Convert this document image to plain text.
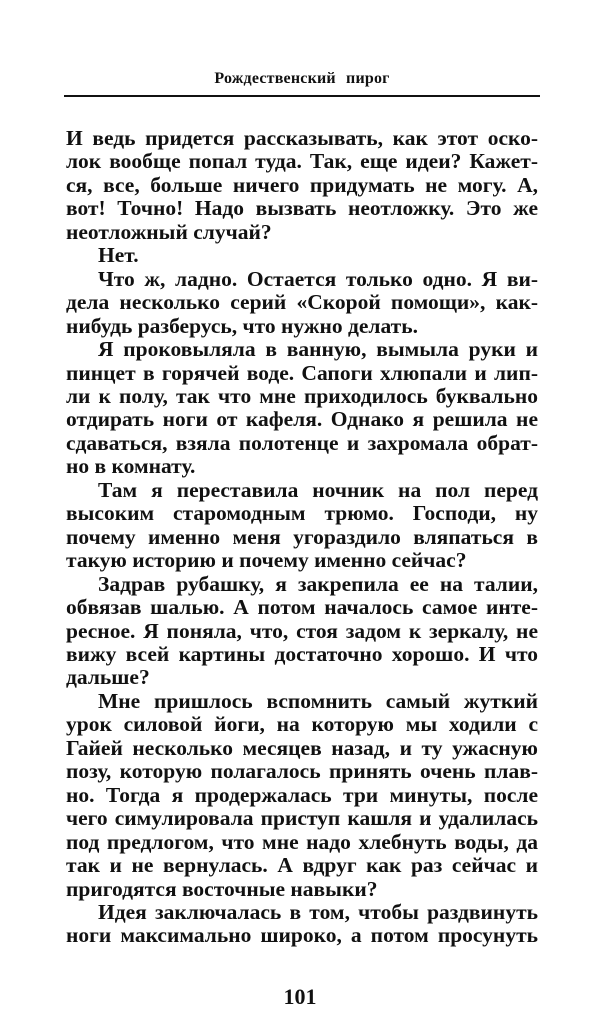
Рождественский пирог
И ведь придется рассказывать, как этот оско-
лок вообще попал туда. Так, еще идеи? Кажет-
ся, все, больше ничего придумать не могу. А,
вот! Точно! Надо вызвать неотложку. Это же
неотложный случай?
Нет.
Что ж, ладно. Остается только одно. Я ви-
дела несколько серий «Скорой помощи», как-
нибудь разберусь, что нужно делать.
Я проковыляла в ванную, вымыла руки и
пинцет в горячей воде. Сапоги хлюпали и лип-
ли к полу, так что мне приходилось буквально
отдирать ноги от кафеля. Однако я решила не
сдаваться, взяла полотенце и захромала обрат-
но в комнату.
Там я переставила ночник на пол перед
высоким старомодным трюмо. Господи, ну
почему именно меня угораздило вляпаться в
такую историю и почему именно сейчас?
Задрав рубашку, я закрепила ее на талии,
обвязав шалью. А потом началось самое инте-
ресное. Я поняла, что, стоя задом к зеркалу, не
вижу всей картины достаточно хорошо. И что
дальше?
Мне пришлось вспомнить самый жуткий
урок силовой йоги, на которую мы ходили с
Гайей несколько месяцев назад, и ту ужасную
позу, которую полагалось принять очень плав-
но. Тогда я продержалась три минуты, после
чего симулировала приступ кашля и удалилась
под предлогом, что мне надо хлебнуть воды, да
так и не вернулась. А вдруг как раз сейчас и
пригодятся восточные навыки?
Идея заключалась в том, чтобы раздвинуть
ноги максимально широко, а потом просунуть
101
